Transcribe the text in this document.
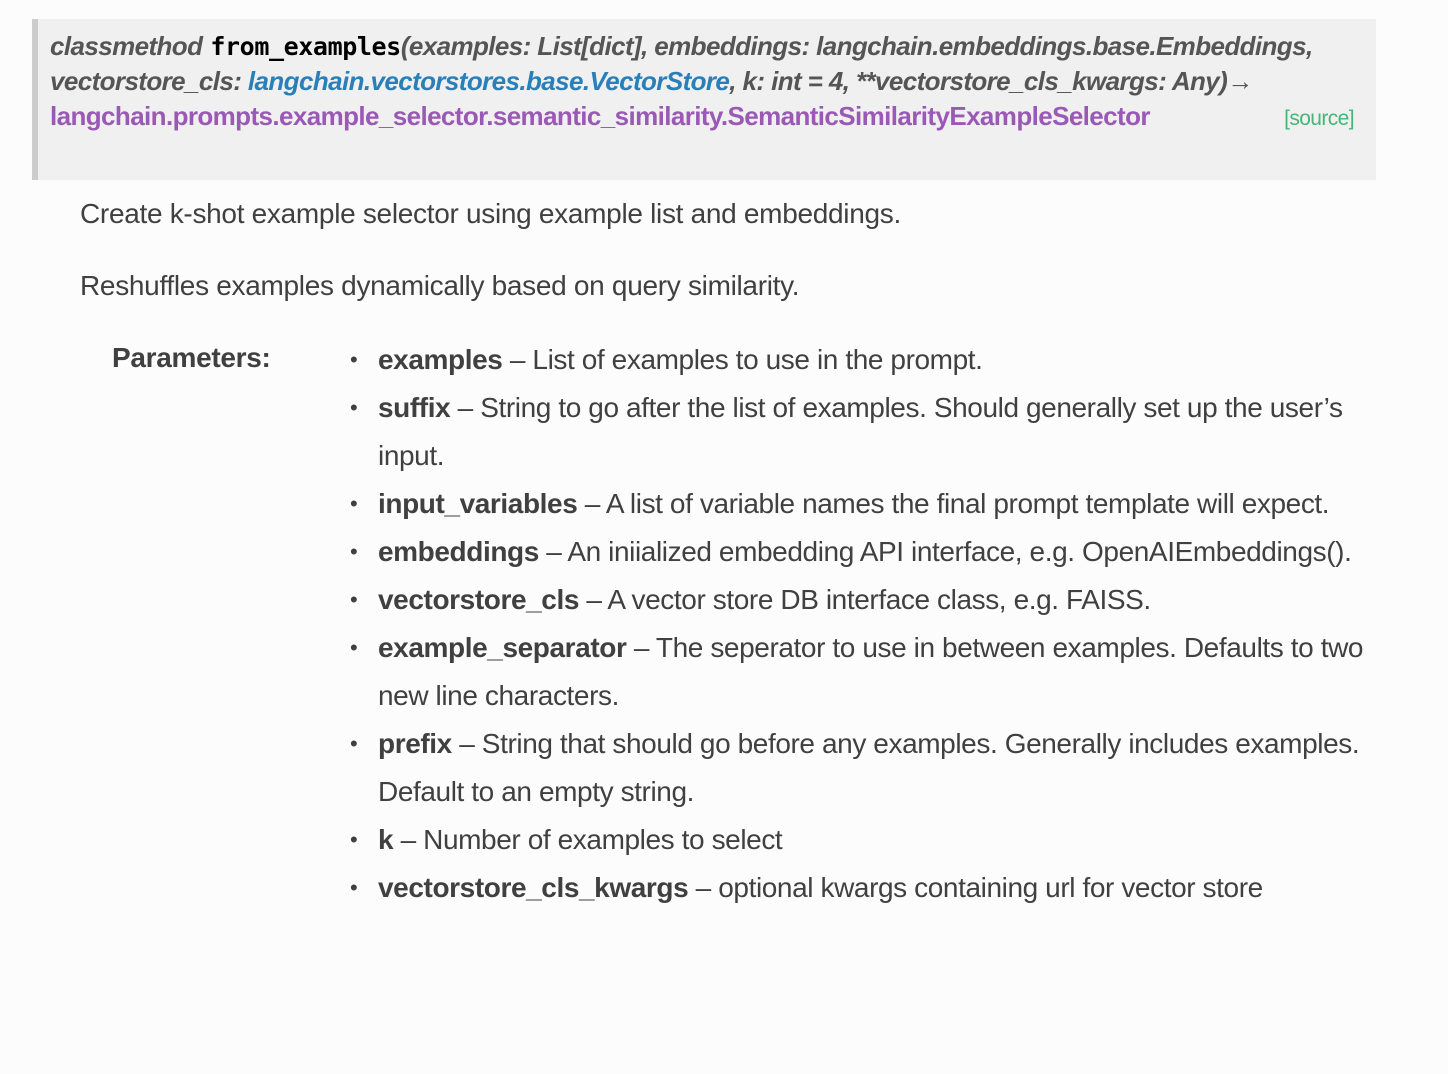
classmethod from_examples(examples: List[dict], embeddings: langchain.embeddings.base.Embeddings,
vectorstore_cls: langchain.vectorstores.base.VectorStore, k: int = 4, **vectorstore_cls_kwargs: Any)→
langchain.prompts.example_selector.semantic_similarity.SemanticSimilarityExampleSelector	[source]
Create k-shot example selector using example list and embeddings.
Reshuffles examples dynamically based on query similarity.
Parameters:	• examples – List of examples to use in the prompt.
• suffix – String to go after the list of examples. Should generally set up the user’s input.
• input_variables – A list of variable names the final prompt template will expect.
• embeddings – An iniialized embedding API interface, e.g. OpenAIEmbeddings().
• vectorstore_cls – A vector store DB interface class, e.g. FAISS.
• example_separator – The seperator to use in between examples. Defaults to two new line characters.
• prefix – String that should go before any examples. Generally includes examples. Default to an empty string.
• k – Number of examples to select
• vectorstore_cls_kwargs – optional kwargs containing url for vector store
